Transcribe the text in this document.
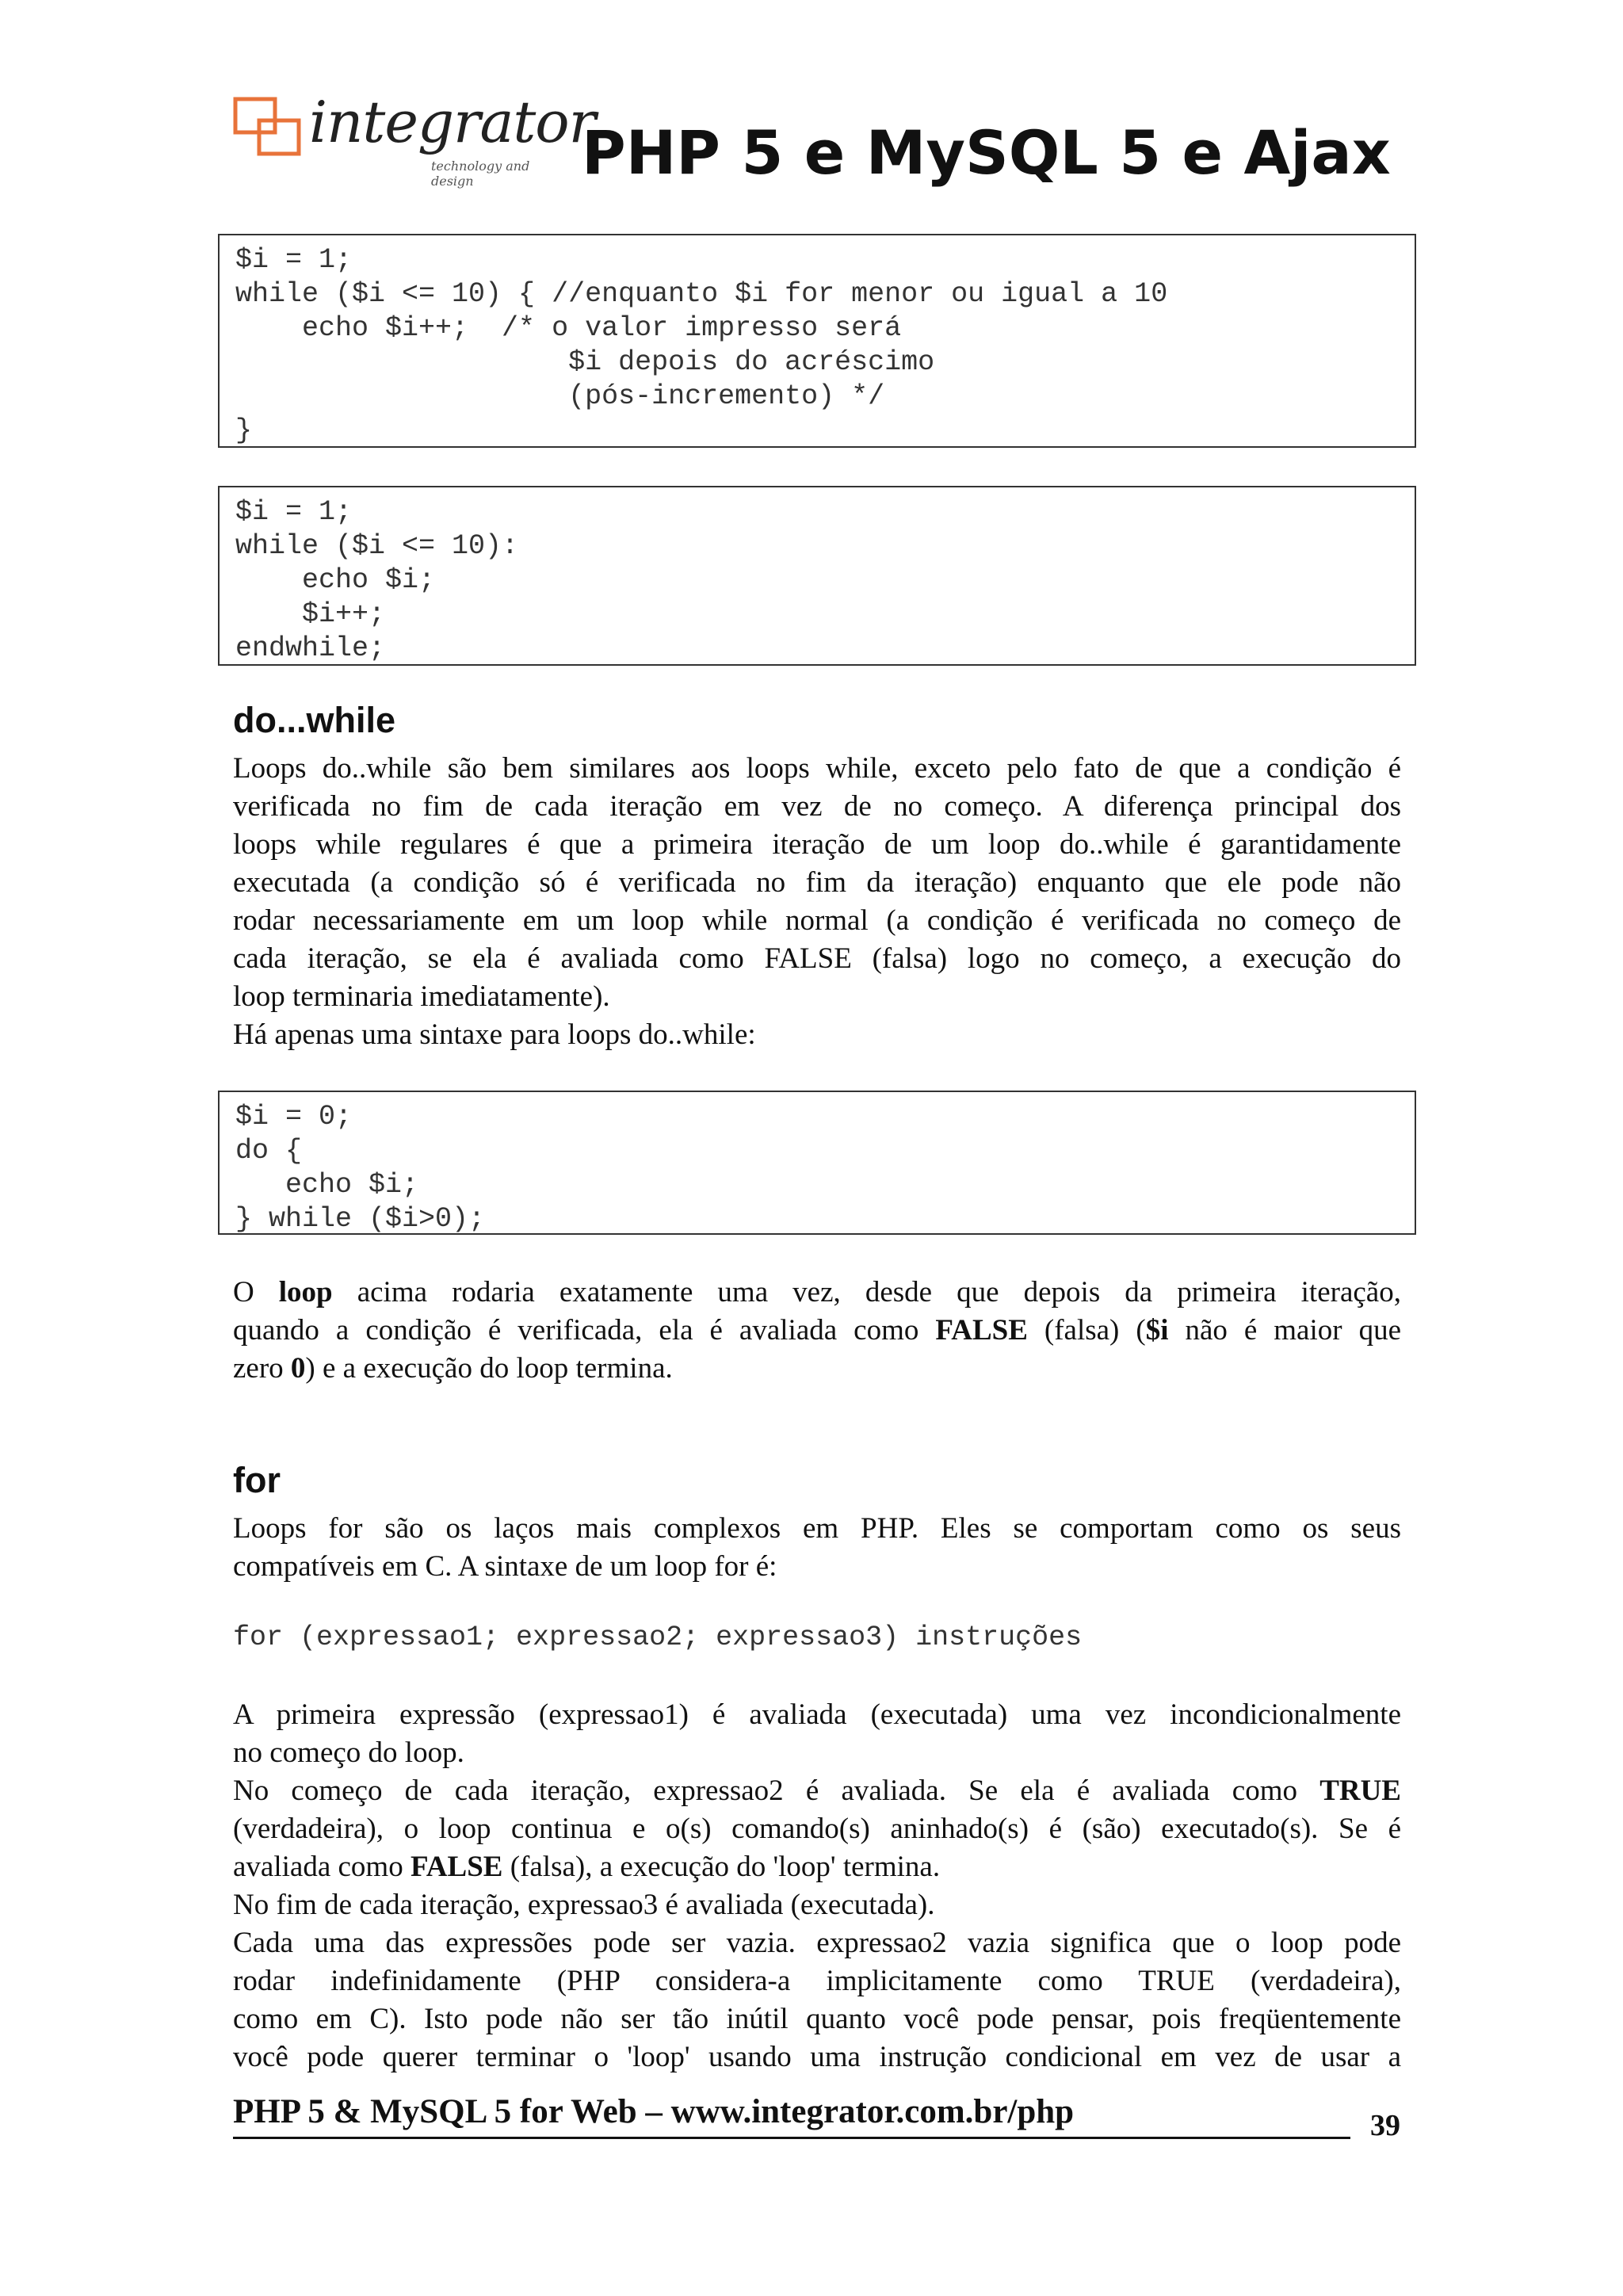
integrator
technology and design	PHP 5 e MySQL 5 e Ajax
$i = 1;
while ($i <= 10) { //enquanto $i for menor ou igual a 10
echo $i++;  /* o valor impresso será
$i depois do acréscimo
(pós-incremento) */
}
$i = 1;
while ($i <= 10):
echo $i;
$i++;
endwhile;
do...while
Loops do..while são bem similares aos loops while, exceto pelo fato de que a condição é
verificada no fim de cada iteração em vez de no começo. A diferença principal dos
loops while regulares é que a primeira iteração de um loop do..while é garantidamente
executada (a condição só é verificada no fim da iteração) enquanto que ele pode não
rodar necessariamente em um loop while normal (a condição é verificada no começo de
cada iteração, se ela é avaliada como FALSE (falsa) logo no começo, a execução do
loop terminaria imediatamente).
Há apenas uma sintaxe para loops do..while:
$i = 0;
do {
echo $i;
} while ($i>0);
O loop acima rodaria exatamente uma vez, desde que depois da primeira iteração,
quando a condição é verificada, ela é avaliada como FALSE (falsa) ($i não é maior que
zero 0) e a execução do loop termina.
for
Loops for são os laços mais complexos em PHP. Eles se comportam como os seus
compatíveis em C. A sintaxe de um loop for é:
for (expressao1; expressao2; expressao3) instruções
A primeira expressão (expressao1) é avaliada (executada) uma vez incondicionalmente
no começo do loop.
No começo de cada iteração, expressao2 é avaliada. Se ela é avaliada como TRUE
(verdadeira), o loop continua e o(s) comando(s) aninhado(s) é (são) executado(s). Se é
avaliada como FALSE (falsa), a execução do 'loop' termina.
No fim de cada iteração, expressao3 é avaliada (executada).
Cada uma das expressões pode ser vazia. expressao2 vazia significa que o loop pode
rodar indefinidamente (PHP considera-a implicitamente como TRUE (verdadeira),
como em C). Isto pode não ser tão inútil quanto você pode pensar, pois freqüentemente
você pode querer terminar o 'loop' usando uma instrução condicional em vez de usar a
PHP 5 & MySQL 5 for Web – www.integrator.com.br/php	39
